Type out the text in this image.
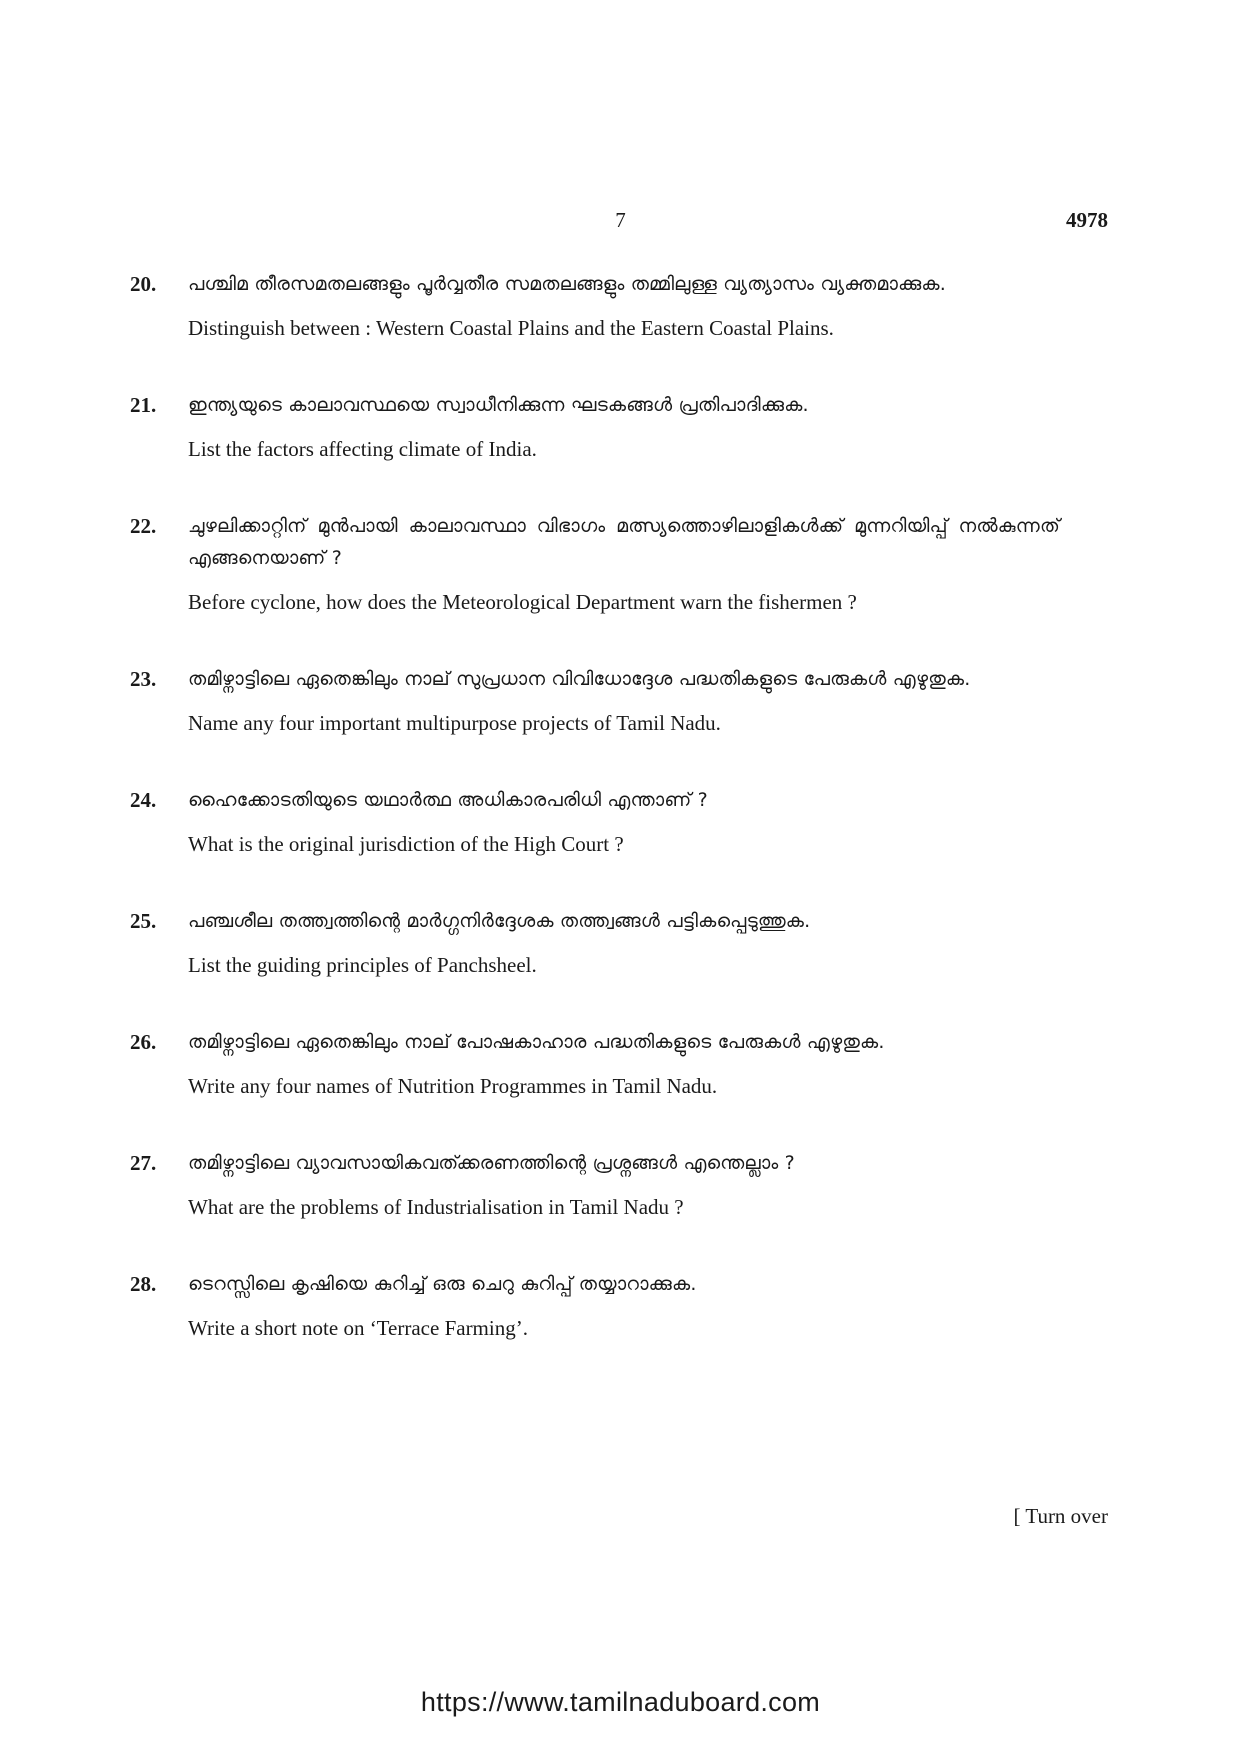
7	4978
20. പശ്ചിമ തീരസമതലങ്ങളും പൂർവ്വതീര സമതലങ്ങളും തമ്മിലുള്ള വ്യത്യാസം വ്യക്തമാക്കുക.
Distinguish between : Western Coastal Plains and the Eastern Coastal Plains.
21. ഇന്ത്യയുടെ കാലാവസ്ഥയെ സ്വാധീനിക്കുന്ന ഘടകങ്ങൾ പ്രതിപാദിക്കുക.
List the factors affecting climate of India.
22. ചുഴലിക്കാറ്റിന് മുൻപായി കാലാവസ്ഥാ വിഭാഗം മത്സ്യത്തൊഴിലാളികൾക്ക് മുന്നറിയിപ്പ് നൽകുന്നത് എങ്ങനെയാണ് ?
Before cyclone, how does the Meteorological Department warn the fishermen ?
23. തമിഴ്നാട്ടിലെ ഏതെങ്കിലും നാല് സുപ്രധാന വിവിധോദ്ദേശ പദ്ധതികളുടെ പേരുകൾ എഴുതുക.
Name any four important multipurpose projects of Tamil Nadu.
24. ഹൈക്കോടതിയുടെ യഥാർത്ഥ അധികാരപരിധി എന്താണ് ?
What is the original jurisdiction of the High Court ?
25. പഞ്ചശീല തത്ത്വത്തിന്റെ മാർഗ്ഗനിർദ്ദേശക തത്ത്വങ്ങൾ പട്ടികപ്പെടുത്തുക.
List the guiding principles of Panchsheel.
26. തമിഴ്നാട്ടിലെ ഏതെങ്കിലും നാല് പോഷകാഹാര പദ്ധതികളുടെ പേരുകൾ എഴുതുക.
Write any four names of Nutrition Programmes in Tamil Nadu.
27. തമിഴ്നാട്ടിലെ വ്യാവസായികവത്ക്കരണത്തിന്റെ പ്രശ്നങ്ങൾ എന്തെല്ലാം ?
What are the problems of Industrialisation in Tamil Nadu ?
28. ടെറസ്സിലെ കൃഷിയെ കുറിച്ച് ഒരു ചെറു കുറിപ്പ് തയ്യാറാക്കുക.
Write a short note on ‘Terrace Farming’.
[ Turn over
https://www.tamilnaduboard.com
